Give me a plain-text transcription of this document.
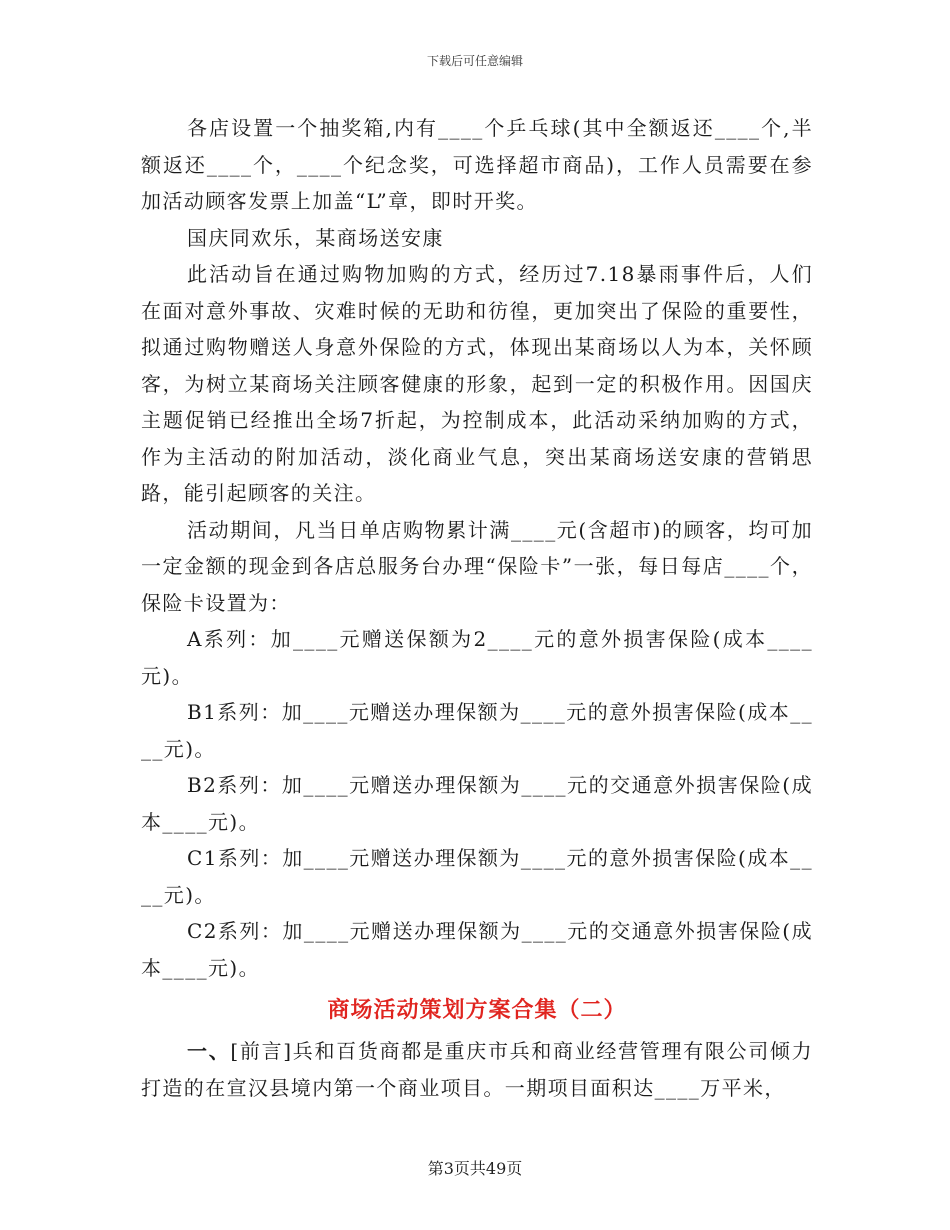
下载后可任意编辑

各店设置一个抽奖箱,内有____个乒乓球(其中全额返还____个,半额返还____个，____个纪念奖，可选择超市商品)，工作人员需要在参加活动顾客发票上加盖“L”章，即时开奖。

国庆同欢乐，某商场送安康

此活动旨在通过购物加购的方式，经历过7.18暴雨事件后，人们在面对意外事故、灾难时候的无助和彷徨，更加突出了保险的重要性，拟通过购物赠送人身意外保险的方式，体现出某商场以人为本，关怀顾客，为树立某商场关注顾客健康的形象，起到一定的积极作用。因国庆主题促销已经推出全场7折起，为控制成本，此活动采纳加购的方式，作为主活动的附加活动，淡化商业气息，突出某商场送安康的营销思路，能引起顾客的关注。

活动期间，凡当日单店购物累计满____元(含超市)的顾客，均可加一定金额的现金到各店总服务台办理“保险卡”一张，每日每店____个，保险卡设置为：

A系列：加____元赠送保额为2____元的意外损害保险(成本____元)。

B1系列：加____元赠送办理保额为____元的意外损害保险(成本____元)。

B2系列：加____元赠送办理保额为____元的交通意外损害保险(成本____元)。

C1系列：加____元赠送办理保额为____元的意外损害保险(成本____元)。

C2系列：加____元赠送办理保额为____元的交通意外损害保险(成本____元)。

商场活动策划方案合集（二）

一、[前言]兵和百货商都是重庆市兵和商业经营管理有限公司倾力打造的在宣汉县境内第一个商业项目。一期项目面积达____万平米，

第3页共49页
